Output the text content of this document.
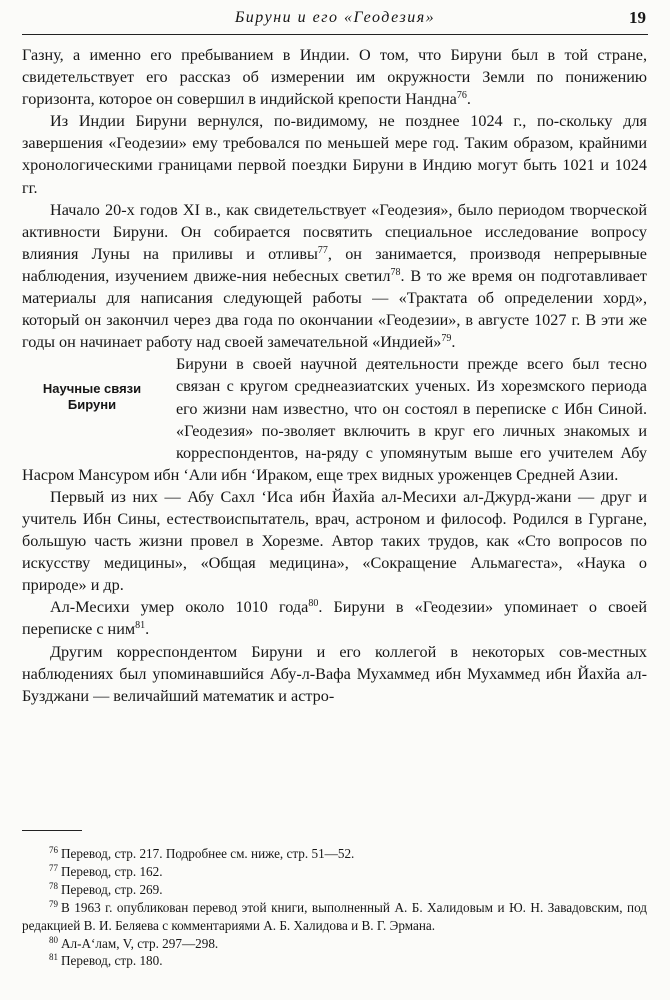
Бируни и его «Геодезия»	19

Газну, а именно его пребыванием в Индии. О том, что Бируни был в той стране, свидетельствует его рассказ об измерении им окружности Земли по понижению горизонта, которое он совершил в индийской крепости Нандна$^{76}$.

Из Индии Бируни вернулся, по-видимому, не позднее 1024 г., по-скольку для завершения «Геодезии» ему требовался по меньшей мере год. Таким образом, крайними хронологическими границами первой поездки Бируни в Индию могут быть 1021 и 1024 гг.

Начало 20-х годов XI в., как свидетельствует «Геодезия», было периодом творческой активности Бируни. Он собирается посвятить специальное исследование вопросу влияния Луны на приливы и отливы$^{77}$, он занимается, производя непрерывные наблюдения, изучением движе-ния небесных светил$^{78}$. В то же время он подготавливает материалы для написания следующей работы — «Трактата об определении хорд», который он закончил через два года по окончании «Геодезии», в августе 1027 г. В эти же годы он начинает работу над своей замечательной «Индией»$^{79}$.

Научные связи
Бируни

Бируни в своей научной деятельности прежде всего был тесно связан с кругом среднеазиатских ученых. Из хорезмского периода его жизни нам известно, что он состоял в переписке с Ибн Синой. «Геодезия» по-зволяет включить в круг его личных знакомых и корреспондентов, на-ряду с упомянутым выше его учителем Абу Насром Мансуром ибн ʻАли ибн ʻИраком, еще трех видных уроженцев Средней Азии.

Первый из них — Абу Сахл ʻИса ибн Йахйа ал-Месихи ал-Джурд-жани — друг и учитель Ибн Сины, естествоиспытатель, врач, астроном и философ. Родился в Гургане, большую часть жизни провел в Хорезме. Автор таких трудов, как «Сто вопросов по искусству медицины», «Общая медицина», «Сокращение Альмагеста», «Наука о природе» и др.

Ал-Месихи умер около 1010 года$^{80}$. Бируни в «Геодезии» упоминает о своей переписке с ним$^{81}$.

Другим корреспондентом Бируни и его коллегой в некоторых сов-местных наблюдениях был упоминавшийся Абу-л-Вафа Мухаммед ибн Мухаммед ибн Йахйа ал-Бузджани — величайший математик и астро-

$^{76}$ Перевод, стр. 217. Подробнее см. ниже, стр. 51—52.

$^{77}$ Перевод, стр. 162.

$^{78}$ Перевод, стр. 269.

$^{79}$ В 1963 г. опубликован перевод этой книги, выполненный А. Б. Халидовым и Ю. Н. Завадовским, под редакцией В. И. Беляева с комментариями А. Б. Халидова и В. Г. Эрмана.

$^{80}$ Ал-Аʻлам, V, стр. 297—298.

$^{81}$ Перевод, стр. 180.
